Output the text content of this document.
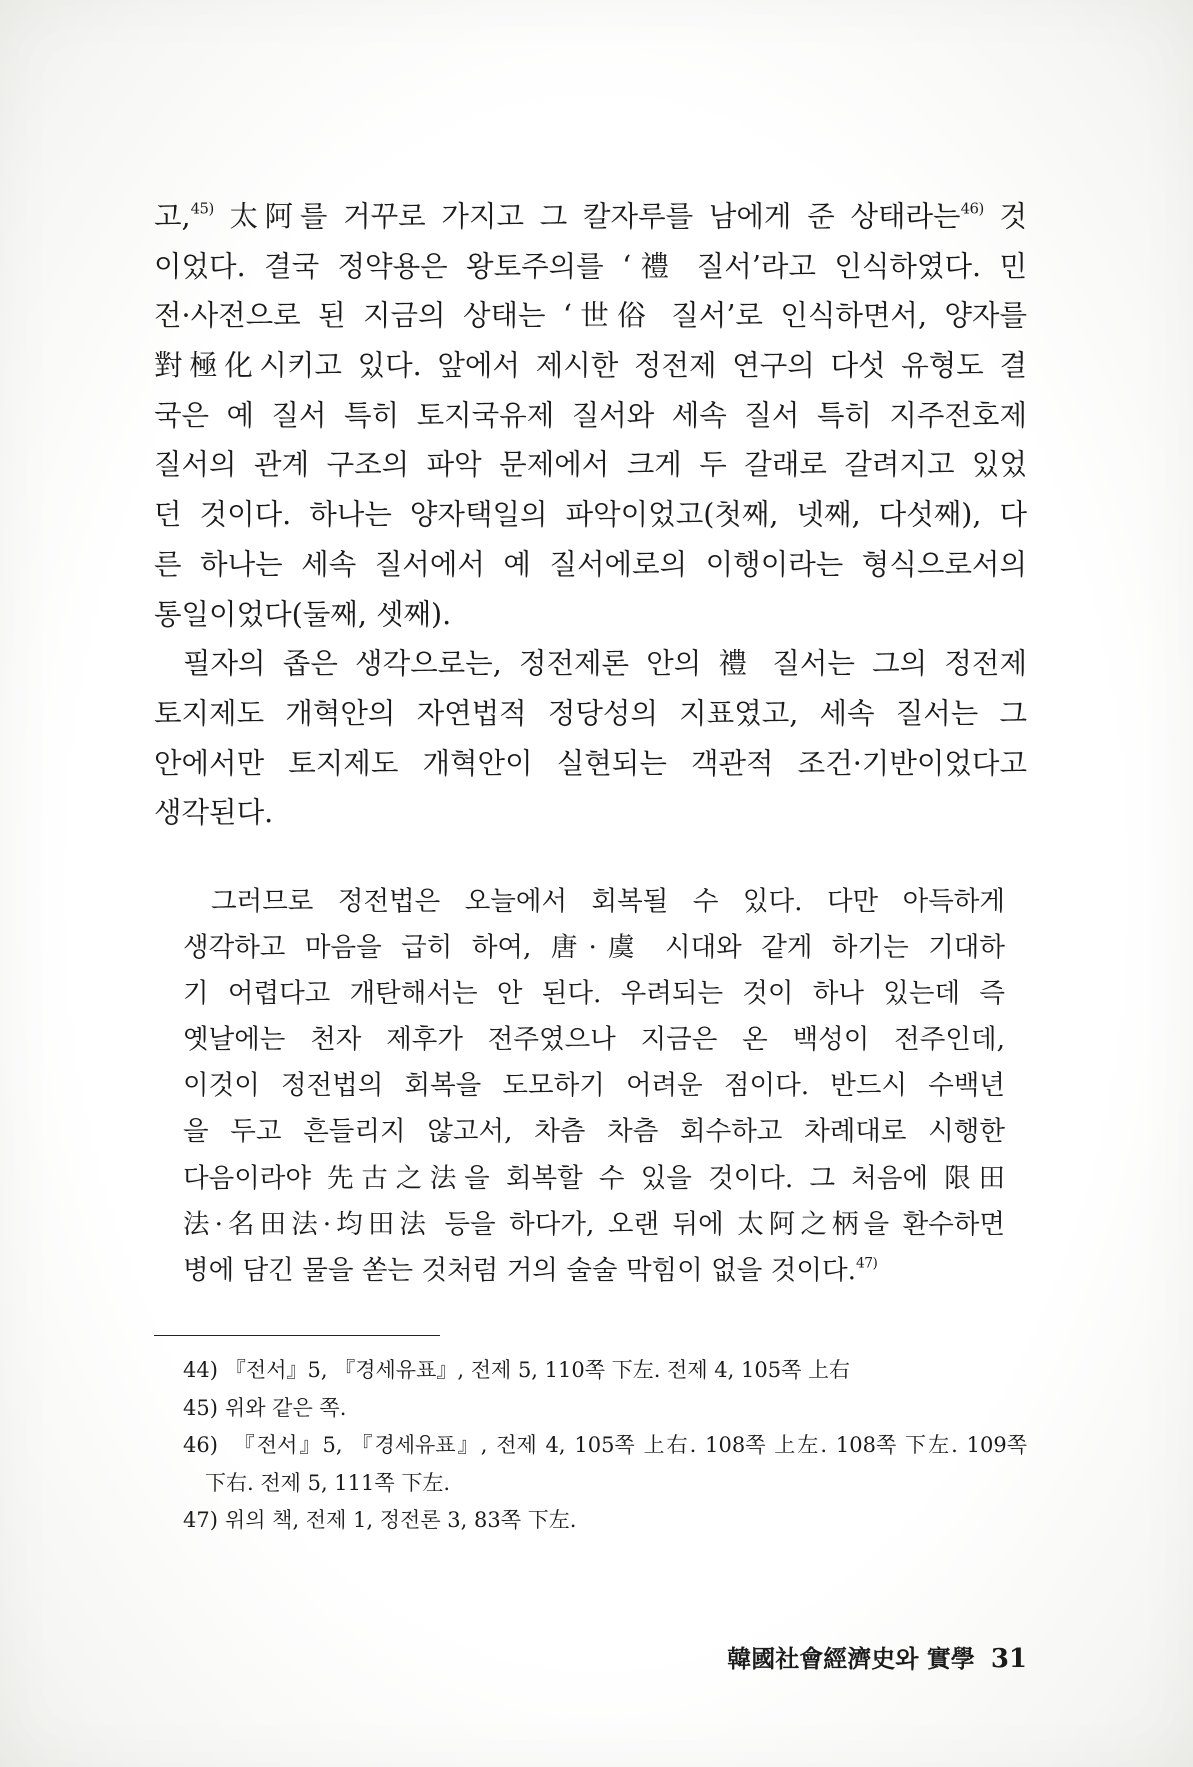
고,$^{45)}$ 太阿를 거꾸로 가지고 그 칼자루를 남에게 준 상태라는$^{46)}$ 것
이었다. 결국 정약용은 왕토주의를 ‘禮 질서’라고 인식하였다. 민
전·사전으로 된 지금의 상태는 ‘世俗 질서’로 인식하면서, 양자를
對極化시키고 있다. 앞에서 제시한 정전제 연구의 다섯 유형도 결
국은 예 질서 특히 토지국유제 질서와 세속 질서 특히 지주전호제
질서의 관계 구조의 파악 문제에서 크게 두 갈래로 갈려지고 있었
던 것이다. 하나는 양자택일의 파악이었고(첫째, 넷째, 다섯째), 다
른 하나는 세속 질서에서 예 질서에로의 이행이라는 형식으로서의
통일이었다(둘째, 셋째).
필자의 좁은 생각으로는, 정전제론 안의 禮 질서는 그의 정전제
토지제도 개혁안의 자연법적 정당성의 지표였고, 세속 질서는 그
안에서만 토지제도 개혁안이 실현되는 객관적 조건·기반이었다고
생각된다.
그러므로 정전법은 오늘에서 회복될 수 있다. 다만 아득하게
생각하고 마음을 급히 하여, 唐·虞 시대와 같게 하기는 기대하
기 어렵다고 개탄해서는 안 된다. 우려되는 것이 하나 있는데 즉
옛날에는 천자 제후가 전주였으나 지금은 온 백성이 전주인데,
이것이 정전법의 회복을 도모하기 어려운 점이다. 반드시 수백년
을 두고 흔들리지 않고서, 차츰 차츰 회수하고 차례대로 시행한
다음이라야 先古之法을 회복할 수 있을 것이다. 그 처음에 限田
法·名田法·均田法 등을 하다가, 오랜 뒤에 太阿之柄을 환수하면
병에 담긴 물을 쏟는 것처럼 거의 술술 막힘이 없을 것이다.$^{47)}$
44) 『전서』5, 『경세유표』, 전제 5, 110쪽 下左. 전제 4, 105쪽 上右
45) 위와 같은 쪽.
46) 『전서』5, 『경세유표』, 전제 4, 105쪽 上右. 108쪽 上左. 108쪽 下左. 109쪽
下右. 전제 5, 111쪽 下左.
47) 위의 책, 전제 1, 정전론 3, 83쪽 下左.
韓國社會經濟史와 實學 31
